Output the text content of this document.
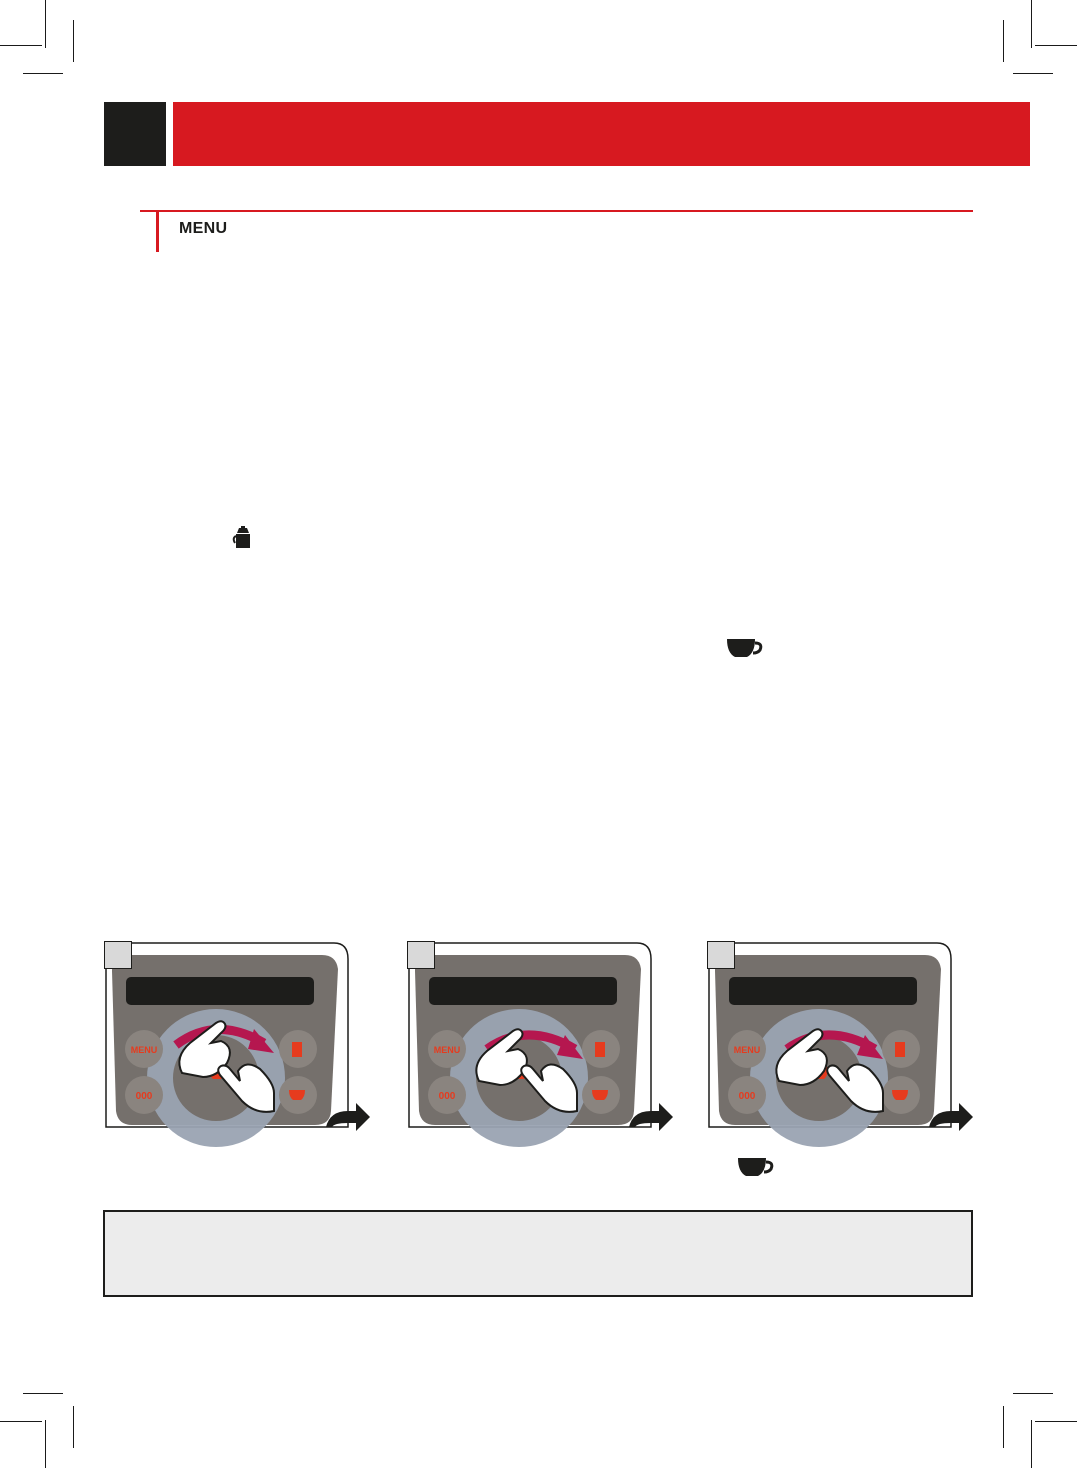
MENU
MENU
000
MENU
000
MENU
000
